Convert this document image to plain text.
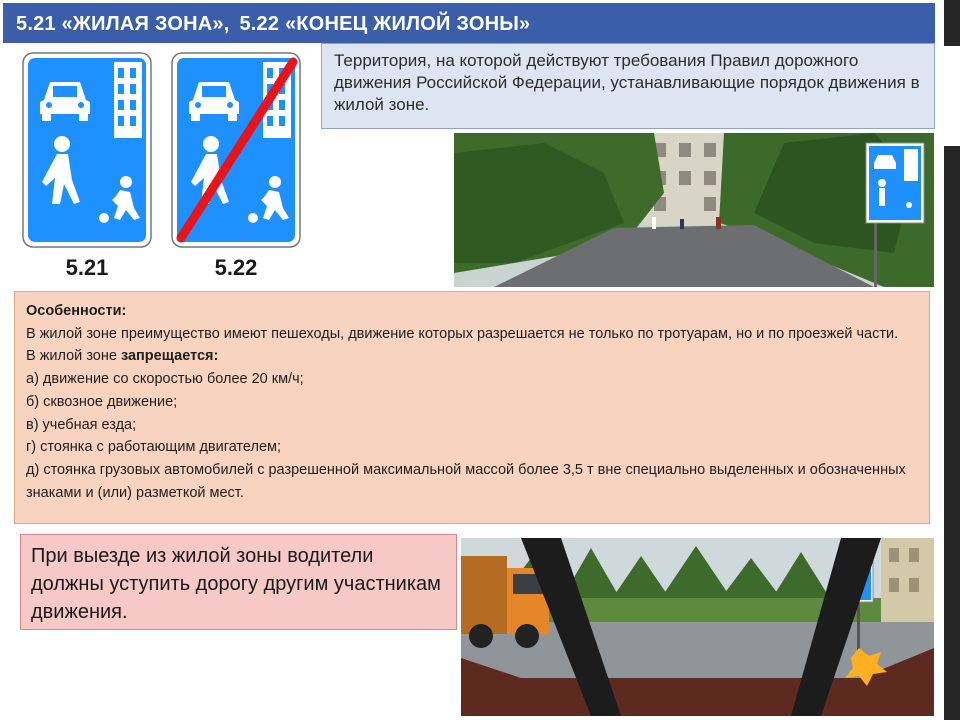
5.21 «ЖИЛАЯ ЗОНА», 5.22 «КОНЕЦ ЖИЛОЙ ЗОНЫ»
5.21	5.22
Территория, на которой действуют требования Правил дорожного движения Российской Федерации, устанавливающие порядок движения в жилой зоне.
Особенности:
В жилой зоне преимущество имеют пешеходы, движение которых разрешается не только по тротуарам, но и по проезжей части.
В жилой зоне запрещается:
а) движение со скоростью более 20 км/ч;
б) сквозное движение;
в) учебная езда;
г) стоянка с работающим двигателем;
д) стоянка грузовых автомобилей с разрешенной максимальной массой более 3,5 т вне специально выделенных и обозначенных знаками и (или) разметкой мест.
При выезде из жилой зоны водители должны уступить дорогу другим участникам движения.
